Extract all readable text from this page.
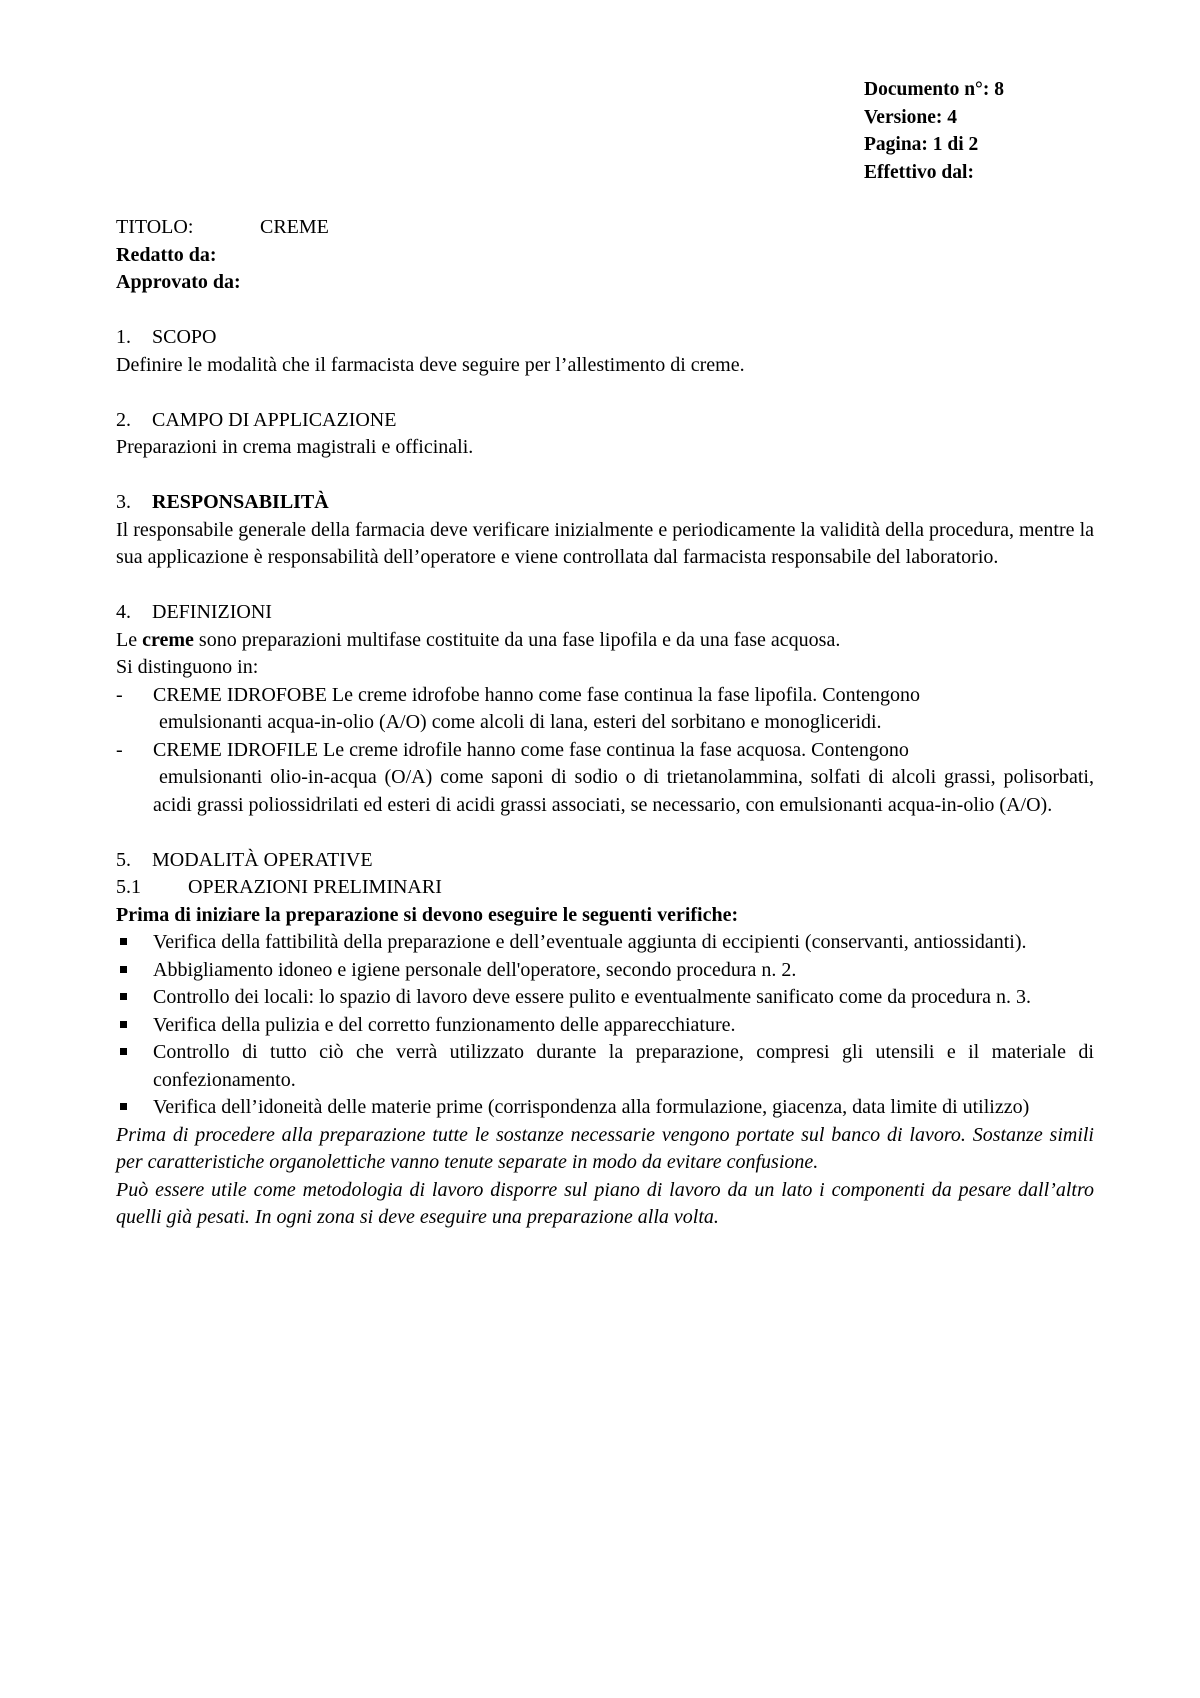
Documento n°: 8
Versione: 4
Pagina: 1 di 2
Effettivo dal:
TITOLO:	CREME

Redatto da:

Approvato da:

1.	SCOPO

Definire le modalità che il farmacista deve seguire per l’allestimento di creme.

2.	CAMPO DI APPLICAZIONE

Preparazioni in crema magistrali e officinali.

3.	RESPONSABILITÀ

Il responsabile generale della farmacia deve verificare inizialmente e periodicamente la validità della procedura, mentre la sua applicazione è responsabilità dell’operatore e viene controllata dal farmacista responsabile del laboratorio.

4.	DEFINIZIONI

Le creme sono preparazioni multifase costituite da una fase lipofila e da una fase acquosa.

Si distinguono in:

-	CREME IDROFOBE Le creme idrofobe hanno come fase continua la fase lipofila. Contengono
emulsionanti acqua-in-olio (A/O) come alcoli di lana, esteri del sorbitano e monogliceridi.
-	CREME IDROFILE Le creme idrofile hanno come fase continua la fase acquosa. Contengono
emulsionanti olio-in-acqua (O/A) come saponi di sodio o di trietanolammina, solfati di alcoli grassi, polisorbati, acidi grassi poliossidrilati ed esteri di acidi grassi associati, se necessario, con emulsionanti acqua-in-olio (A/O).
5.	MODALITÀ OPERATIVE
5.1	OPERAZIONI PRELIMINARI

Prima di iniziare la preparazione si devono eseguire le seguenti verifiche:

Verifica della fattibilità della preparazione e dell’eventuale aggiunta di eccipienti (conservanti, antiossidanti).
Abbigliamento idoneo e igiene personale dell'operatore, secondo procedura n. 2.
Controllo dei locali: lo spazio di lavoro deve essere pulito e eventualmente sanificato come da procedura n. 3.
Verifica della pulizia e del corretto funzionamento delle apparecchiature.
Controllo di tutto ciò che verrà utilizzato durante la preparazione, compresi gli utensili e il materiale di confezionamento.
Verifica dell’idoneità delle materie prime (corrispondenza alla formulazione, giacenza, data limite di utilizzo)

Prima di procedere alla preparazione tutte le sostanze necessarie vengono portate sul banco di lavoro. Sostanze simili per caratteristiche organolettiche vanno tenute separate in modo da evitare confusione.

Può essere utile come metodologia di lavoro disporre sul piano di lavoro da un lato i componenti da pesare dall’altro quelli già pesati. In ogni zona si deve eseguire una preparazione alla volta.
